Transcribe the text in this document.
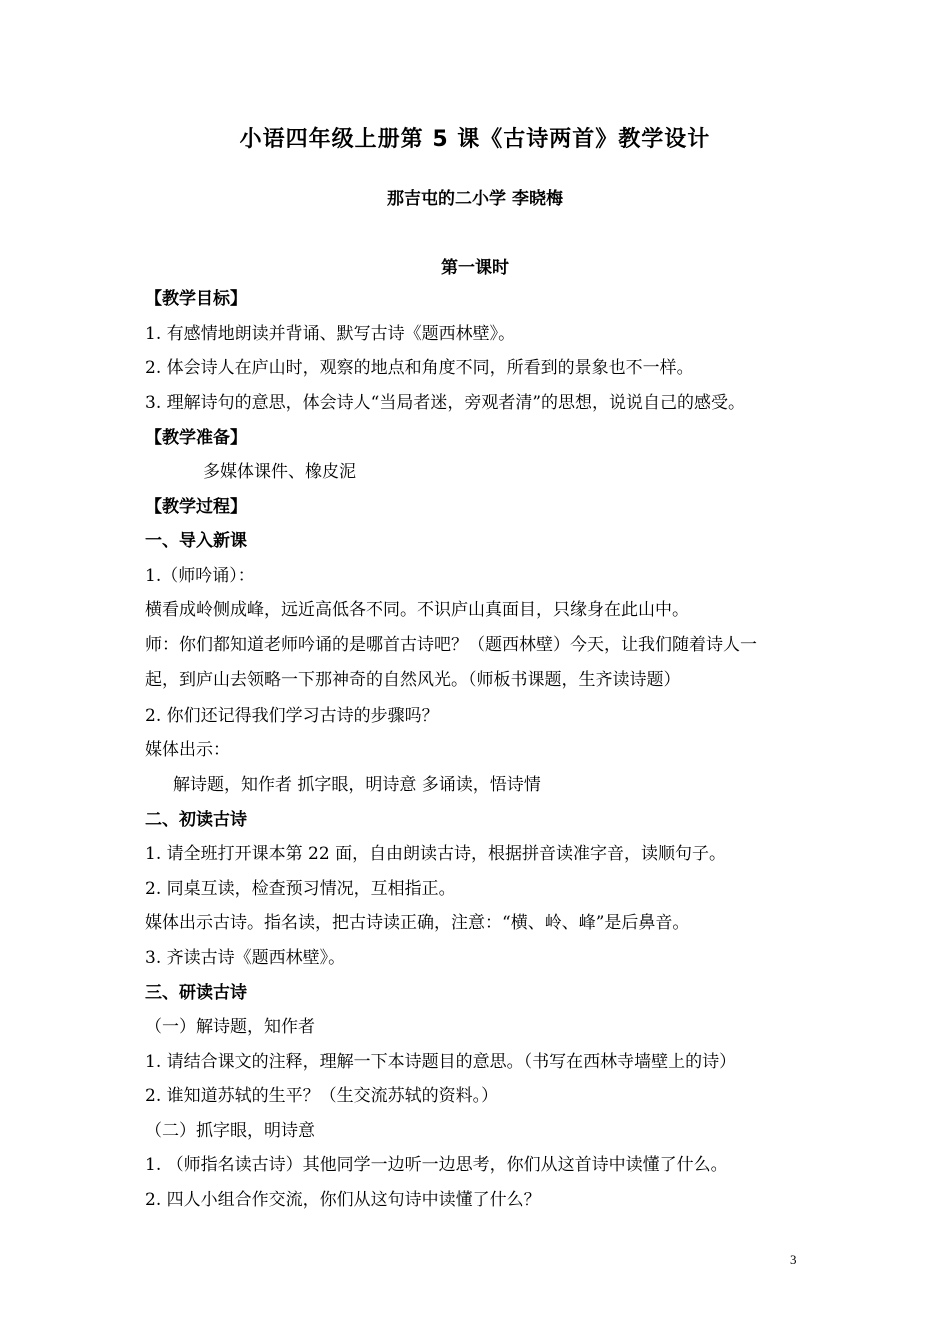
小语四年级上册第 5 课《古诗两首》教学设计
那吉屯的二小学 李晓梅
第一课时
【教学目标】
1. 有感情地朗读并背诵、默写古诗《题西林壁》。
2. 体会诗人在庐山时，观察的地点和角度不同，所看到的景象也不一样。
3. 理解诗句的意思，体会诗人“当局者迷，旁观者清”的思想，说说自己的感受。
【教学准备】
多媒体课件、橡皮泥
【教学过程】
一、导入新课
1.（师吟诵）：
横看成岭侧成峰，远近高低各不同。不识庐山真面目，只缘身在此山中。
师：你们都知道老师吟诵的是哪首古诗吧？（题西林壁）今天，让我们随着诗人一
起，到庐山去领略一下那神奇的自然风光。（师板书课题，生齐读诗题）
2. 你们还记得我们学习古诗的步骤吗？
媒体出示：
解诗题，知作者 抓字眼，明诗意 多诵读，悟诗情
二、初读古诗
1. 请全班打开课本第 22 面，自由朗读古诗，根据拼音读准字音，读顺句子。
2. 同桌互读，检查预习情况，互相指正。
媒体出示古诗。指名读，把古诗读正确，注意：“横、岭、峰”是后鼻音。
3. 齐读古诗《题西林壁》。
三、研读古诗
（一）解诗题，知作者
1. 请结合课文的注释，理解一下本诗题目的意思。（书写在西林寺墙壁上的诗）
2. 谁知道苏轼的生平？（生交流苏轼的资料。）
（二）抓字眼，明诗意
1. （师指名读古诗）其他同学一边听一边思考，你们从这首诗中读懂了什么。
2. 四人小组合作交流，你们从这句诗中读懂了什么？
3
